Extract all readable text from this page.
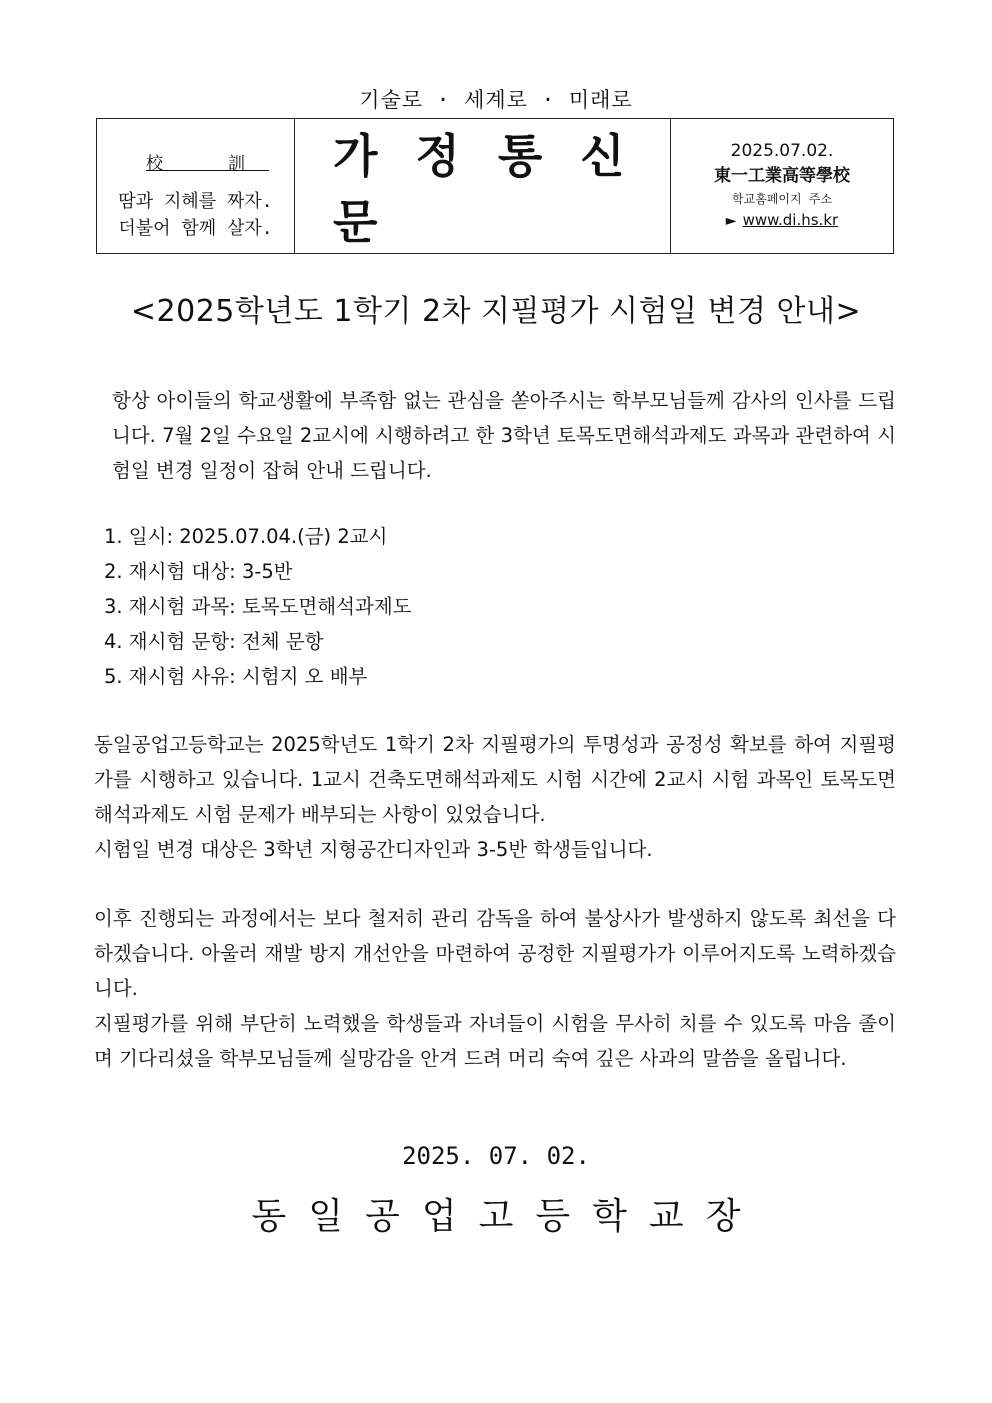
기술로 · 세계로 · 미래로
校　訓
땀과 지혜를 짜자.
더불어 함께 살자.
가정통신문
2025.07.02.
東一工業高等學校
학교홈페이지 주소
► www.di.hs.kr
<2025학년도 1학기 2차 지필평가 시험일 변경 안내>

항상 아이들의 학교생활에 부족함 없는 관심을 쏟아주시는 학부모님들께 감사의 인사를 드립니다. 7월 2일 수요일 2교시에 시행하려고 한 3학년 토목도면해석과제도 과목과 관련하여 시험일 변경 일정이 잡혀 안내 드립니다.

1. 일시: 2025.07.04.(금) 2교시
2. 재시험 대상: 3-5반
3. 재시험 과목: 토목도면해석과제도
4. 재시험 문항: 전체 문항
5. 재시험 사유: 시험지 오 배부

동일공업고등학교는 2025학년도 1학기 2차 지필평가의 투명성과 공정성 확보를 하여 지필평가를 시행하고 있습니다. 1교시 건축도면해석과제도 시험 시간에 2교시 시험 과목인 토목도면해석과제도 시험 문제가 배부되는 사항이 있었습니다.

시험일 변경 대상은 3학년 지형공간디자인과 3-5반 학생들입니다.

이후 진행되는 과정에서는 보다 철저히 관리 감독을 하여 불상사가 발생하지 않도록 최선을 다하겠습니다. 아울러 재발 방지 개선안을 마련하여 공정한 지필평가가 이루어지도록 노력하겠습니다.

지필평가를 위해 부단히 노력했을 학생들과 자녀들이 시험을 무사히 치를 수 있도록 마음 졸이며 기다리셨을 학부모님들께 실망감을 안겨 드려 머리 숙여 깊은 사과의 말씀을 올립니다.

2025. 07. 02.
동일공업고등학교장
